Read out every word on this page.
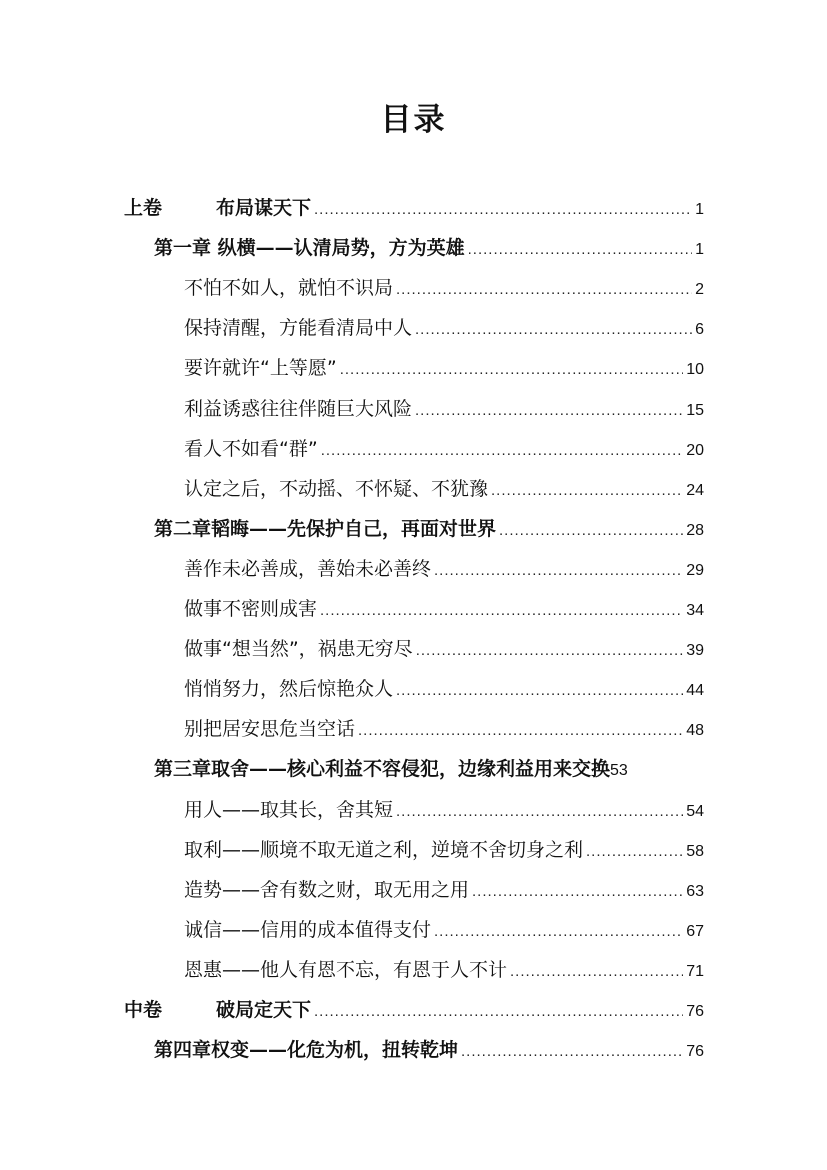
目录
上卷	布局谋天下 .....	1
第一章 纵横——认清局势，方为英雄 .....	1
不怕不如人，就怕不识局 .....	2
保持清醒，方能看清局中人 .....	6
要许就许“上等愿” .....	10
利益诱惑往往伴随巨大风险 .....	15
看人不如看“群” .....	20
认定之后，不动摇、不怀疑、不犹豫 .....	24
第二章韬晦——先保护自己，再面对世界 .....	28
善作未必善成，善始未必善终 .....	29
做事不密则成害 .....	34
做事“想当然”，祸患无穷尽 .....	39
悄悄努力，然后惊艳众人 .....	44
别把居安思危当空话 .....	48
第三章取舍——核心利益不容侵犯，边缘利益用来交换 53
用人——取其长，舍其短 .....	54
取利——顺境不取无道之利，逆境不舍切身之利 .....	58
造势——舍有数之财，取无用之用 .....	63
诚信——信用的成本值得支付 .....	67
恩惠——他人有恩不忘，有恩于人不计 .....	71
中卷	破局定天下 .....	76
第四章权变——化危为机，扭转乾坤 .....	76
